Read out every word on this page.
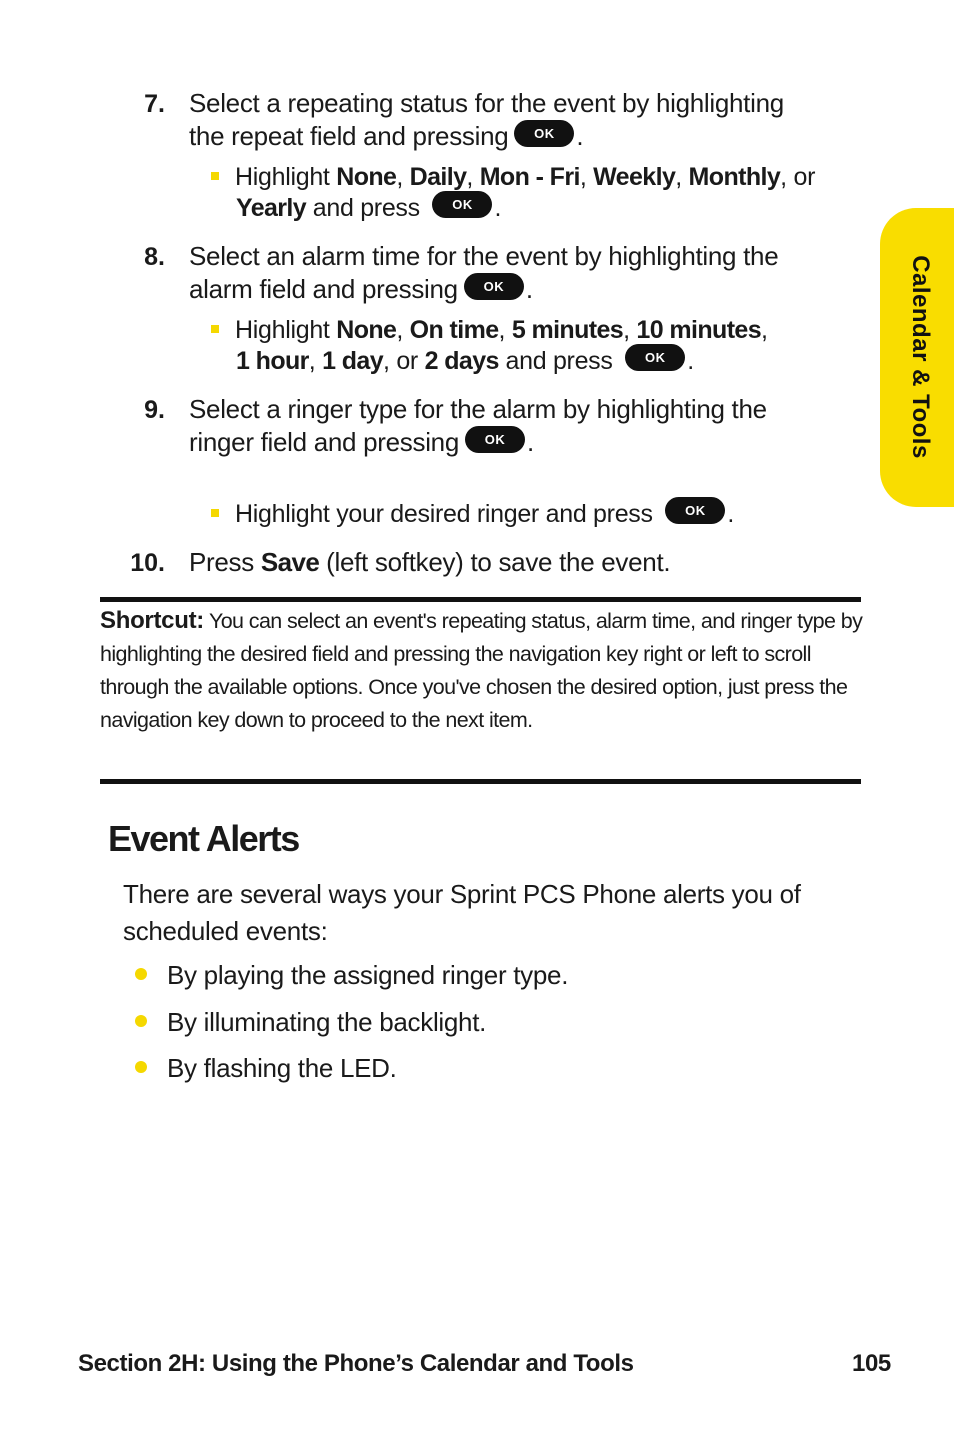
Calendar & Tools
7. Select a repeating status for the event by highlighting
the repeat field and pressing OK .
Highlight None, Daily, Mon - Fri, Weekly, Monthly, or
Yearly and press OK .
8. Select an alarm time for the event by highlighting the
alarm field and pressing OK .
Highlight None, On time, 5 minutes, 10 minutes,
1 hour, 1 day, or 2 days and press OK .
9. Select a ringer type for the alarm by highlighting the
ringer field and pressing OK .
Highlight your desired ringer and press OK .
10. Press Save (left softkey) to save the event.
Shortcut: You can select an event's repeating status, alarm time, and ringer type by highlighting the desired field and pressing the navigation key right or left to scroll through the available options. Once you've chosen the desired option, just press the navigation key down to proceed to the next item.
Event Alerts
There are several ways your Sprint PCS Phone alerts you of scheduled events:
By playing the assigned ringer type.
By illuminating the backlight.
By flashing the LED.
Section 2H: Using the Phone’s Calendar and Tools	105
